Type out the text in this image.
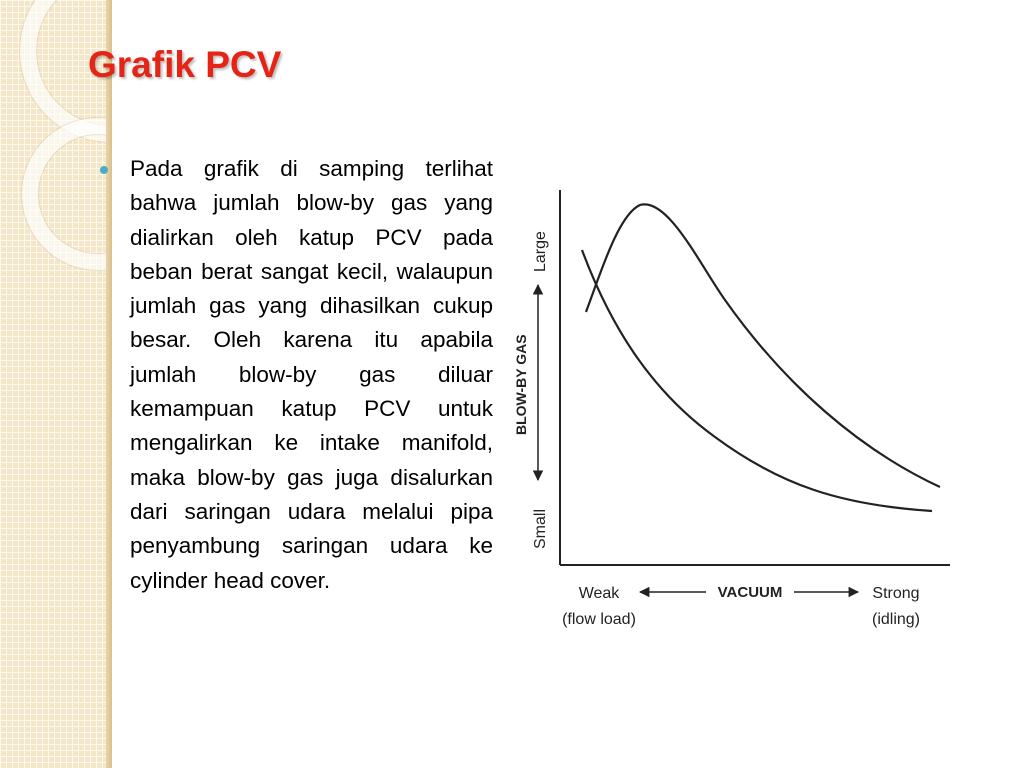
Grafik PCV

Pada grafik di samping terlihat bahwa jumlah blow-by gas yang dialirkan oleh katup PCV pada beban berat sangat kecil, walaupun jumlah gas yang dihasilkan cukup besar. Oleh karena itu apabila jumlah blow-by gas diluar kemampuan katup PCV untuk mengalirkan ke intake manifold, maka blow-by gas juga disalurkan dari saringan udara melalui pipa penyambung saringan udara ke cylinder head cover.

Large
BLOW-BY GAS
Small
Weak
(flow load)
VACUUM	Strong
(idling)
